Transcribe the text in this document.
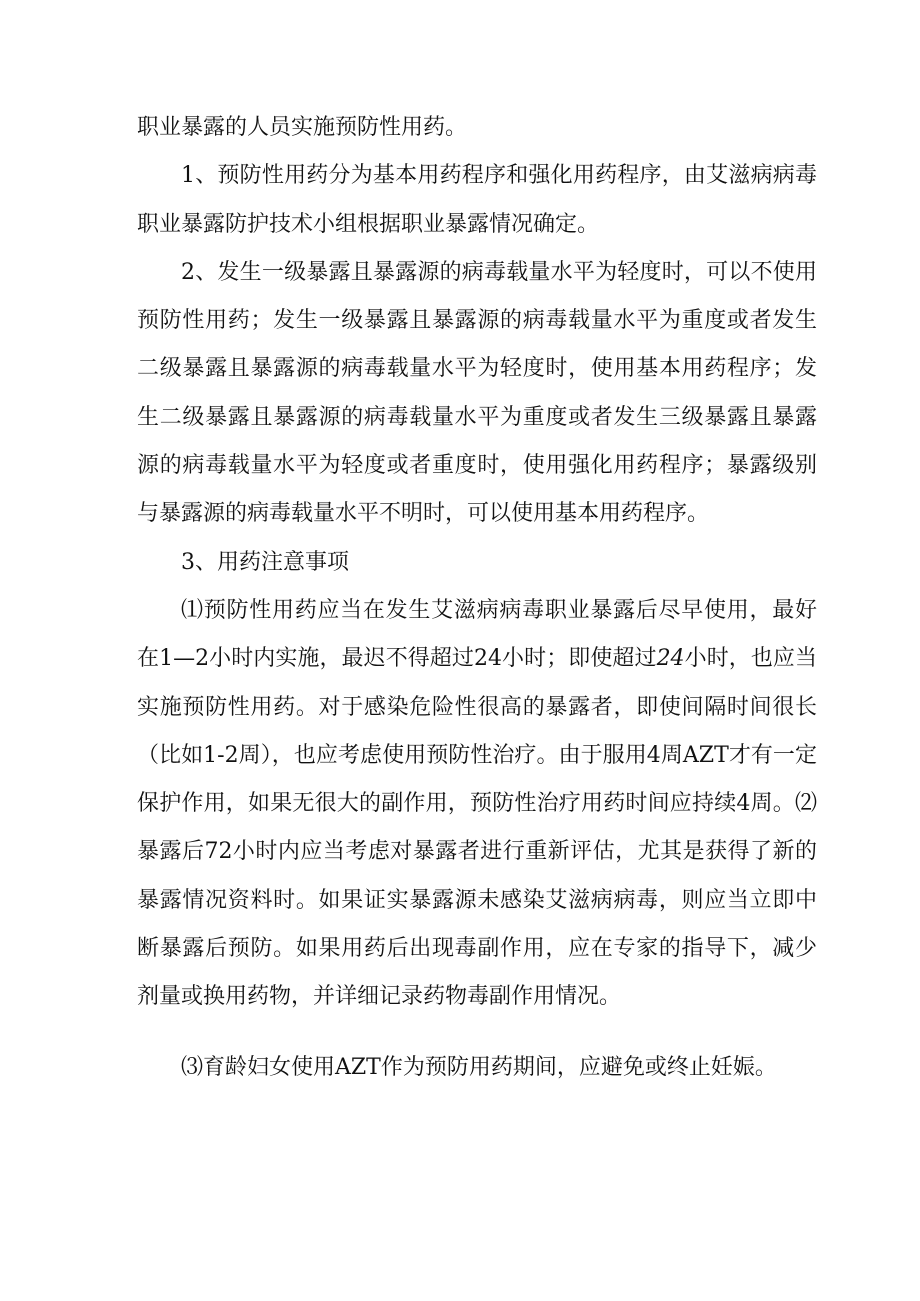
职业暴露的人员实施预防性用药。

1、预防性用药分为基本用药程序和强化用药程序，由艾滋病病毒职业暴露防护技术小组根据职业暴露情况确定。

2、发生一级暴露且暴露源的病毒载量水平为轻度时，可以不使用预防性用药；发生一级暴露且暴露源的病毒载量水平为重度或者发生二级暴露且暴露源的病毒载量水平为轻度时，使用基本用药程序；发生二级暴露且暴露源的病毒载量水平为重度或者发生三级暴露且暴露源的病毒载量水平为轻度或者重度时，使用强化用药程序；暴露级别与暴露源的病毒载量水平不明时，可以使用基本用药程序。

3、用药注意事项

⑴预防性用药应当在发生艾滋病病毒职业暴露后尽早使用，最好在1—2小时内实施，最迟不得超过24小时；即使超过24小时，也应当实施预防性用药。对于感染危险性很高的暴露者，即使间隔时间很长（比如1-2周），也应考虑使用预防性治疗。由于服用4周AZT才有一定保护作用，如果无很大的副作用，预防性治疗用药时间应持续4周。⑵暴露后72小时内应当考虑对暴露者进行重新评估，尤其是获得了新的暴露情况资料时。如果证实暴露源未感染艾滋病病毒，则应当立即中断暴露后预防。如果用药后出现毒副作用，应在专家的指导下，减少剂量或换用药物，并详细记录药物毒副作用情况。

⑶育龄妇女使用AZT作为预防用药期间，应避免或终止妊娠。
